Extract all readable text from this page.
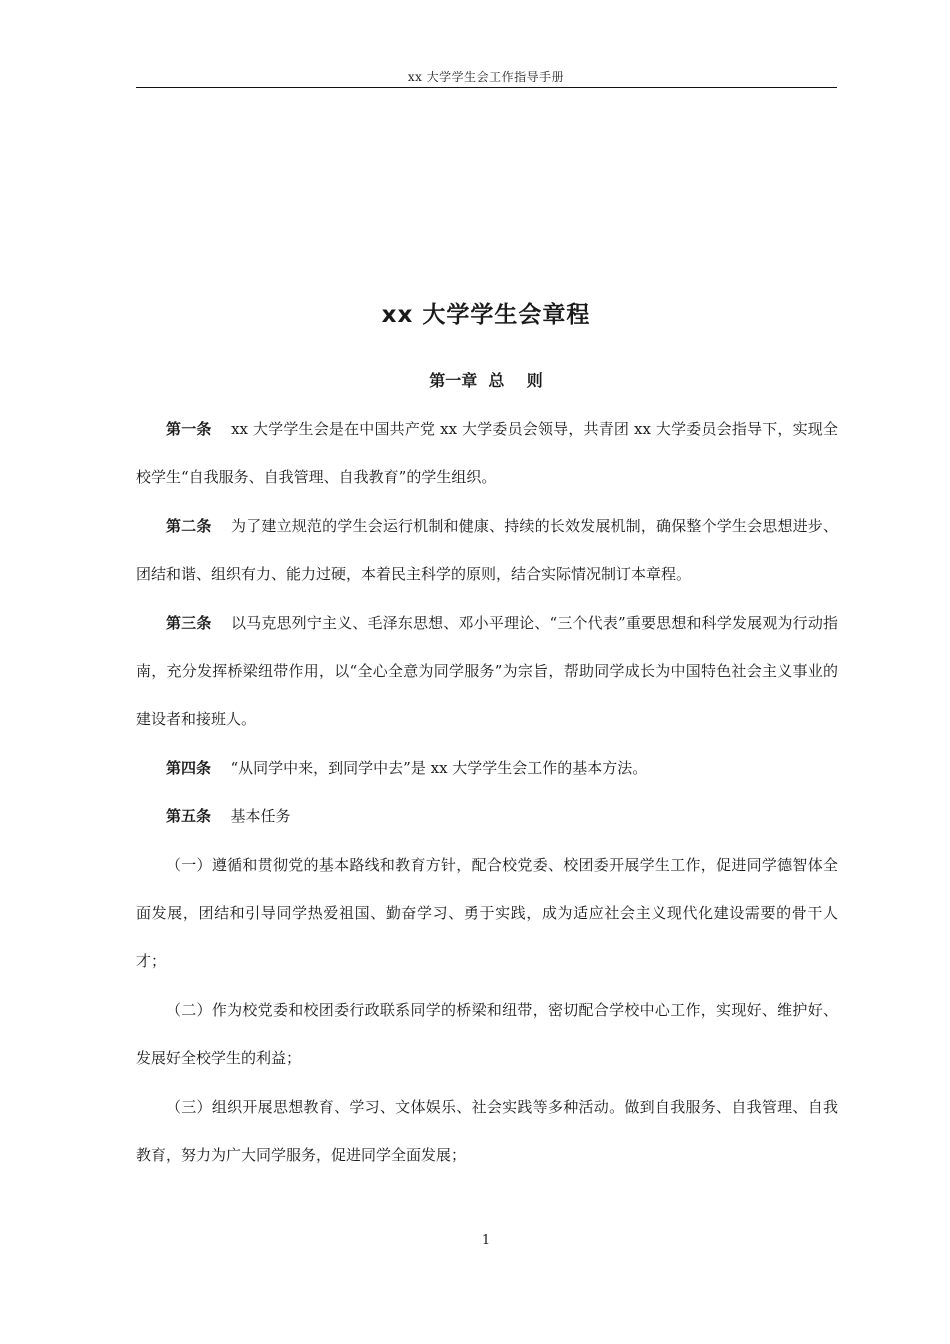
xx 大学学生会工作指导手册
xx 大学学生会章程
第一章  总    则

第一条 xx 大学学生会是在中国共产党 xx 大学委员会领导，共青团 xx 大学委员会指导下，实现全校学生“自我服务、自我管理、自我教育”的学生组织。

第二条 为了建立规范的学生会运行机制和健康、持续的长效发展机制，确保整个学生会思想进步、团结和谐、组织有力、能力过硬，本着民主科学的原则，结合实际情况制订本章程。

第三条 以马克思列宁主义、毛泽东思想、邓小平理论、“三个代表”重要思想和科学发展观为行动指南，充分发挥桥梁纽带作用，以“全心全意为同学服务”为宗旨，帮助同学成长为中国特色社会主义事业的建设者和接班人。

第四条 “从同学中来，到同学中去”是 xx 大学学生会工作的基本方法。

第五条 基本任务

（一）遵循和贯彻党的基本路线和教育方针，配合校党委、校团委开展学生工作，促进同学德智体全面发展，团结和引导同学热爱祖国、勤奋学习、勇于实践，成为适应社会主义现代化建设需要的骨干人才；

（二）作为校党委和校团委行政联系同学的桥梁和纽带，密切配合学校中心工作，实现好、维护好、发展好全校学生的利益；

（三）组织开展思想教育、学习、文体娱乐、社会实践等多种活动。做到自我服务、自我管理、自我教育，努力为广大同学服务，促进同学全面发展；

1
